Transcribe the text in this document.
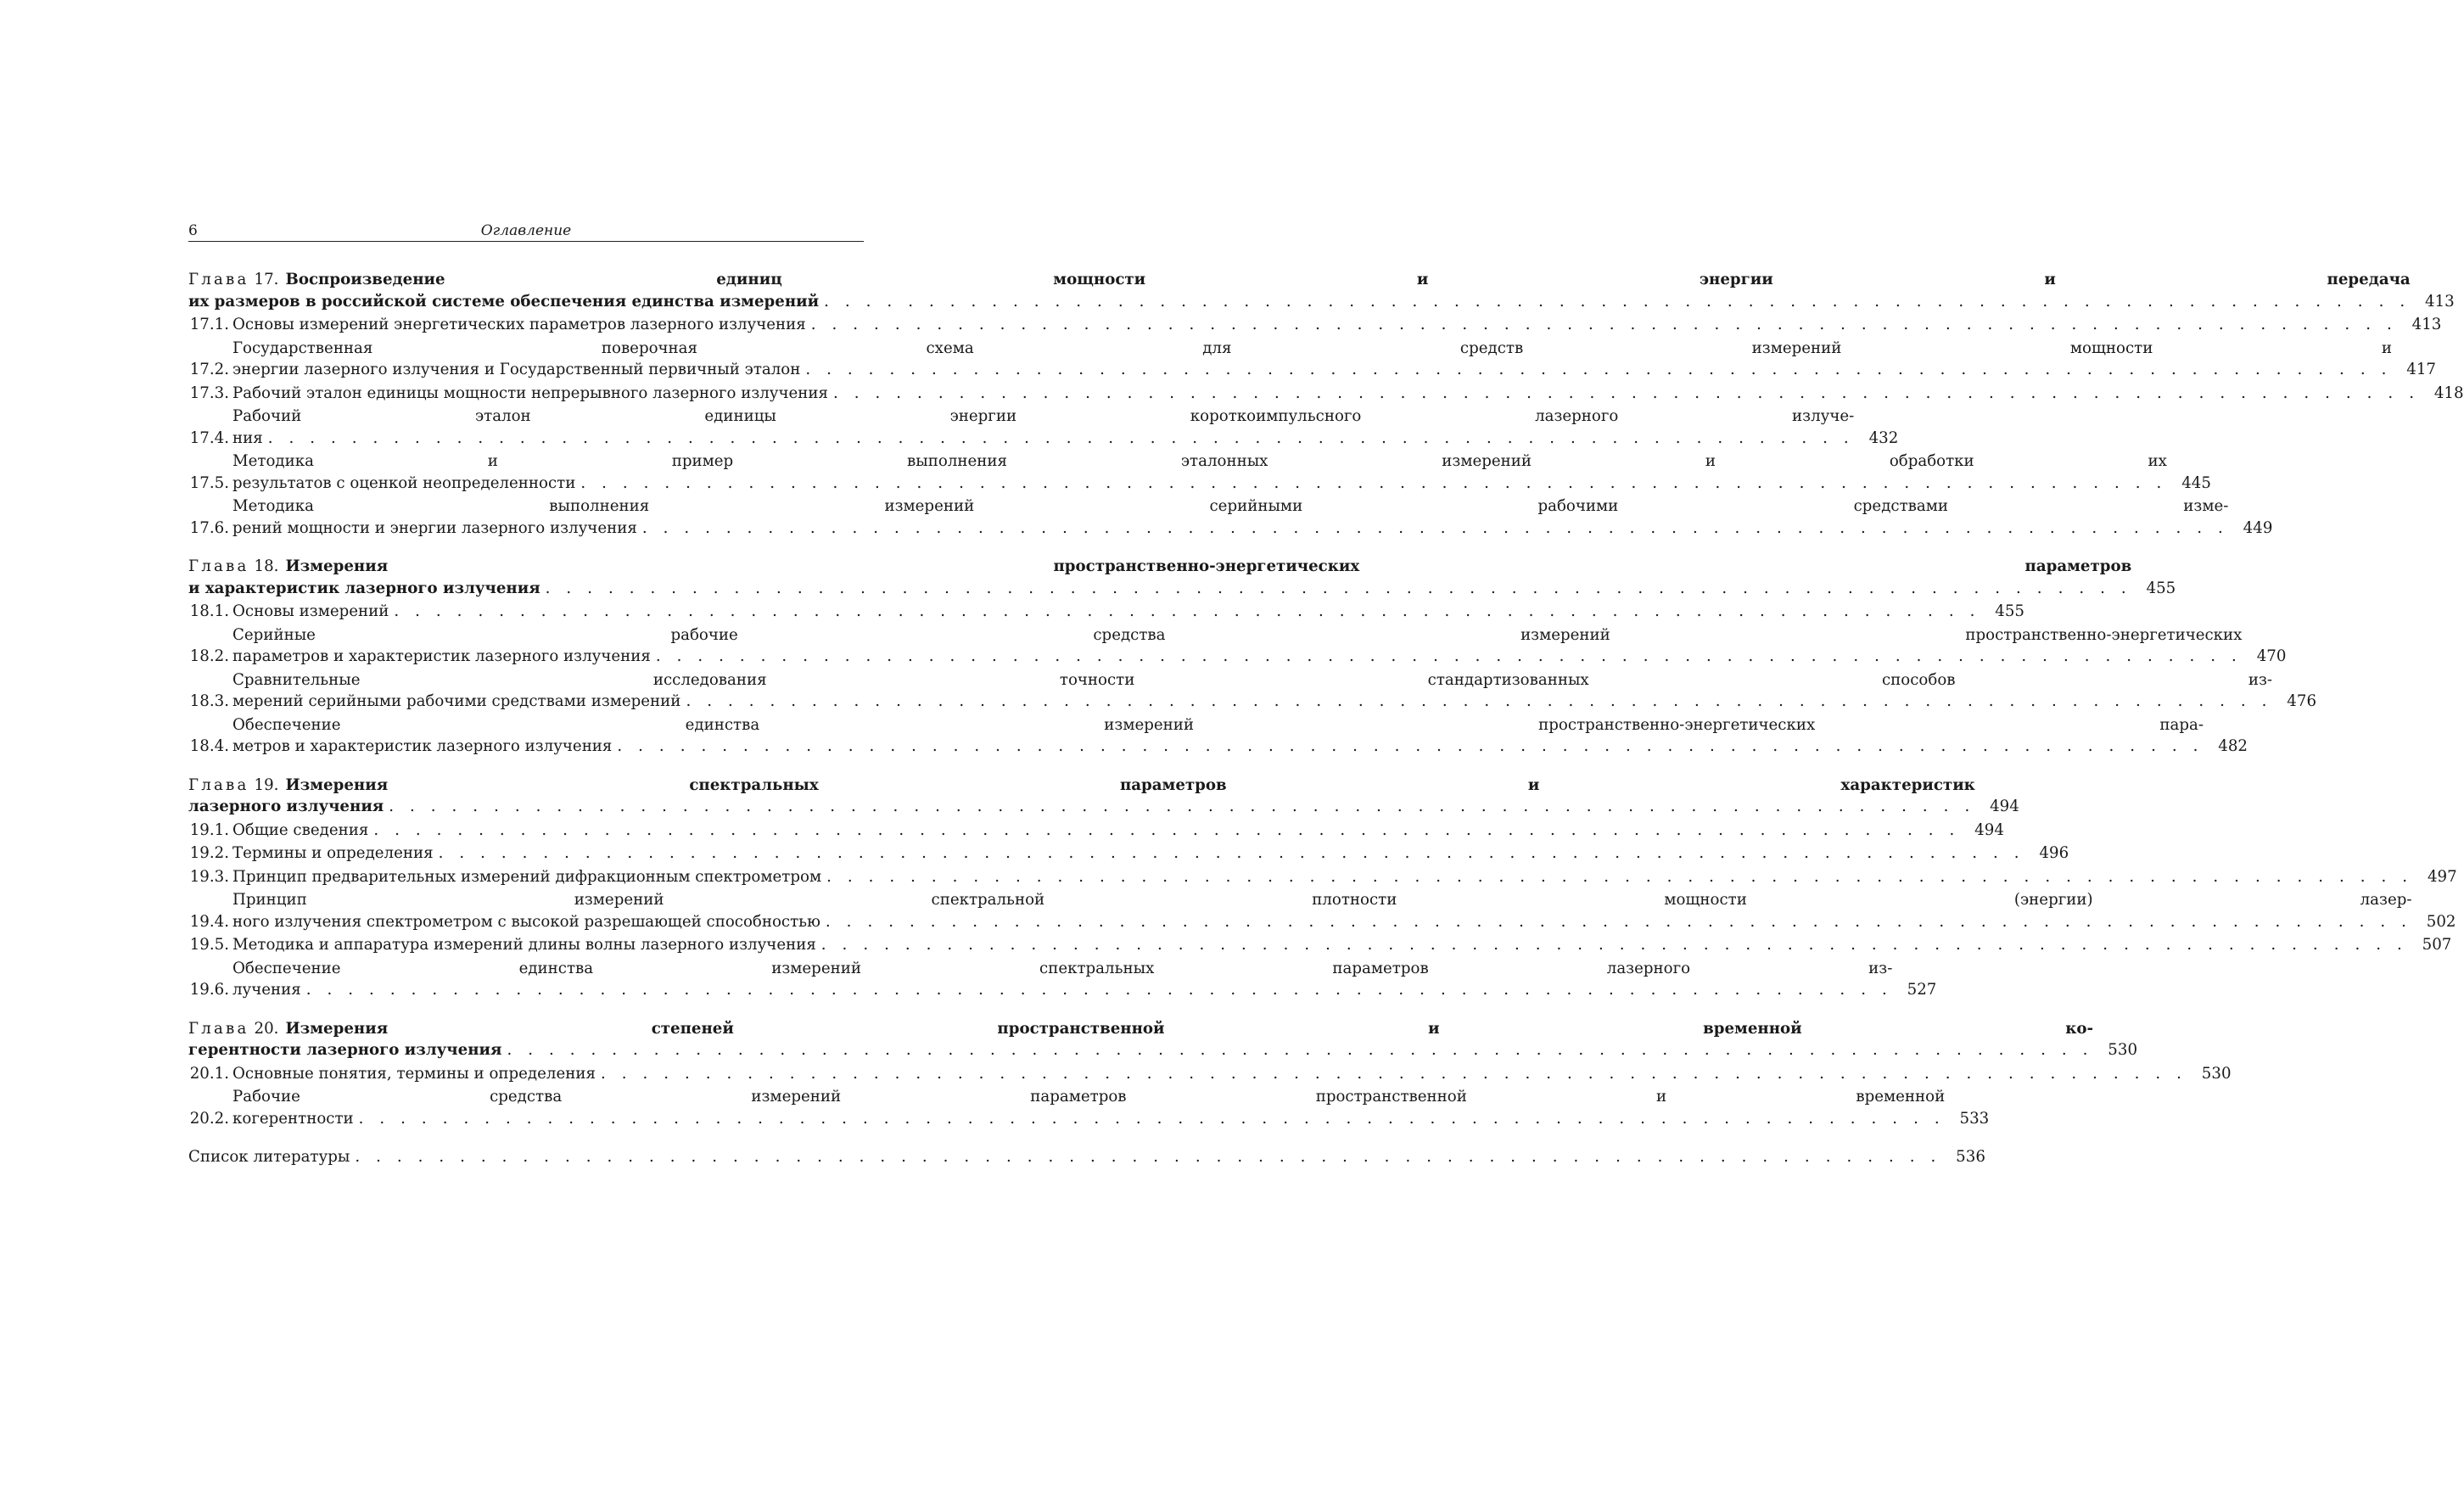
6	Оглавление
Глава 17. Воспроизведение единиц мощности и энергии и передача
их размеров в российской системе обеспечения единства измерений . . . . . . . . . . . . . . . . . . . . . . . . . . . . . . . . . . . . . . . . . . . . . . . . . . . . . . . . . . . . . . . . . . . . . . . . . . . . 413
17.1. Основы измерений энергетических параметров лазерного излучения . . . . . . . . . . . . . . . . . . . . . . . . . . . . . . . . . . . . . . . . . . . . . . . . . . . . . . . . . . . . . . . . . . . . . . . . . . . . 413
17.2.
Государственная поверочная схема для средств измерений мощности и
энергии лазерного излучения и Государственный первичный эталон . . . . . . . . . . . . . . . . . . . . . . . . . . . . . . . . . . . . . . . . . . . . . . . . . . . . . . . . . . . . . . . . . . . . . . . . . . . . 417
17.3. Рабочий эталон единицы мощности непрерывного лазерного излучения . . . . . . . . . . . . . . . . . . . . . . . . . . . . . . . . . . . . . . . . . . . . . . . . . . . . . . . . . . . . . . . . . . . . . . . . . . . . 418
17.4.
Рабочий эталон единицы энергии короткоимпульсного лазерного излуче-
ния . . . . . . . . . . . . . . . . . . . . . . . . . . . . . . . . . . . . . . . . . . . . . . . . . . . . . . . . . . . . . . . . . . . . . . . . . . . . 432
17.5.
Методика и пример выполнения эталонных измерений и обработки их
результатов с оценкой неопределенности . . . . . . . . . . . . . . . . . . . . . . . . . . . . . . . . . . . . . . . . . . . . . . . . . . . . . . . . . . . . . . . . . . . . . . . . . . . . 445
17.6.
Методика выполнения измерений серийными рабочими средствами изме-
рений мощности и энергии лазерного излучения . . . . . . . . . . . . . . . . . . . . . . . . . . . . . . . . . . . . . . . . . . . . . . . . . . . . . . . . . . . . . . . . . . . . . . . . . . . . 449
Глава 18. Измерения пространственно-энергетических параметров
и характеристик лазерного излучения . . . . . . . . . . . . . . . . . . . . . . . . . . . . . . . . . . . . . . . . . . . . . . . . . . . . . . . . . . . . . . . . . . . . . . . . . . . . 455
18.1. Основы измерений . . . . . . . . . . . . . . . . . . . . . . . . . . . . . . . . . . . . . . . . . . . . . . . . . . . . . . . . . . . . . . . . . . . . . . . . . . . . 455
18.2.
Серийные рабочие средства измерений пространственно-энергетических
параметров и характеристик лазерного излучения . . . . . . . . . . . . . . . . . . . . . . . . . . . . . . . . . . . . . . . . . . . . . . . . . . . . . . . . . . . . . . . . . . . . . . . . . . . . 470
18.3.
Сравнительные исследования точности стандартизованных способов из-
мерений серийными рабочими средствами измерений . . . . . . . . . . . . . . . . . . . . . . . . . . . . . . . . . . . . . . . . . . . . . . . . . . . . . . . . . . . . . . . . . . . . . . . . . . . . 476
18.4.
Обеспечение единства измерений пространственно-энергетических пара-
метров и характеристик лазерного излучения . . . . . . . . . . . . . . . . . . . . . . . . . . . . . . . . . . . . . . . . . . . . . . . . . . . . . . . . . . . . . . . . . . . . . . . . . . . . 482
Глава 19. Измерения спектральных параметров и характеристик
лазерного излучения . . . . . . . . . . . . . . . . . . . . . . . . . . . . . . . . . . . . . . . . . . . . . . . . . . . . . . . . . . . . . . . . . . . . . . . . . . . . 494
19.1. Общие сведения . . . . . . . . . . . . . . . . . . . . . . . . . . . . . . . . . . . . . . . . . . . . . . . . . . . . . . . . . . . . . . . . . . . . . . . . . . . . 494
19.2. Термины и определения . . . . . . . . . . . . . . . . . . . . . . . . . . . . . . . . . . . . . . . . . . . . . . . . . . . . . . . . . . . . . . . . . . . . . . . . . . . . 496
19.3. Принцип предварительных измерений дифракционным спектрометром . . . . . . . . . . . . . . . . . . . . . . . . . . . . . . . . . . . . . . . . . . . . . . . . . . . . . . . . . . . . . . . . . . . . . . . . . . . . 497
19.4.
Принцип измерений спектральной плотности мощности (энергии) лазер-
ного излучения спектрометром с высокой разрешающей способностью . . . . . . . . . . . . . . . . . . . . . . . . . . . . . . . . . . . . . . . . . . . . . . . . . . . . . . . . . . . . . . . . . . . . . . . . . . . . 502
19.5. Методика и аппаратура измерений длины волны лазерного излучения . . . . . . . . . . . . . . . . . . . . . . . . . . . . . . . . . . . . . . . . . . . . . . . . . . . . . . . . . . . . . . . . . . . . . . . . . . . . 507
19.6.
Обеспечение единства измерений спектральных параметров лазерного из-
лучения . . . . . . . . . . . . . . . . . . . . . . . . . . . . . . . . . . . . . . . . . . . . . . . . . . . . . . . . . . . . . . . . . . . . . . . . . . . . 527
Глава 20. Измерения степеней пространственной и временной ко-
герентности лазерного излучения . . . . . . . . . . . . . . . . . . . . . . . . . . . . . . . . . . . . . . . . . . . . . . . . . . . . . . . . . . . . . . . . . . . . . . . . . . . . 530
20.1. Основные понятия, термины и определения . . . . . . . . . . . . . . . . . . . . . . . . . . . . . . . . . . . . . . . . . . . . . . . . . . . . . . . . . . . . . . . . . . . . . . . . . . . . 530
20.2.
Рабочие средства измерений параметров пространственной и временной
когерентности . . . . . . . . . . . . . . . . . . . . . . . . . . . . . . . . . . . . . . . . . . . . . . . . . . . . . . . . . . . . . . . . . . . . . . . . . . . . 533
Список литературы . . . . . . . . . . . . . . . . . . . . . . . . . . . . . . . . . . . . . . . . . . . . . . . . . . . . . . . . . . . . . . . . . . . . . . . . . . . . 536
